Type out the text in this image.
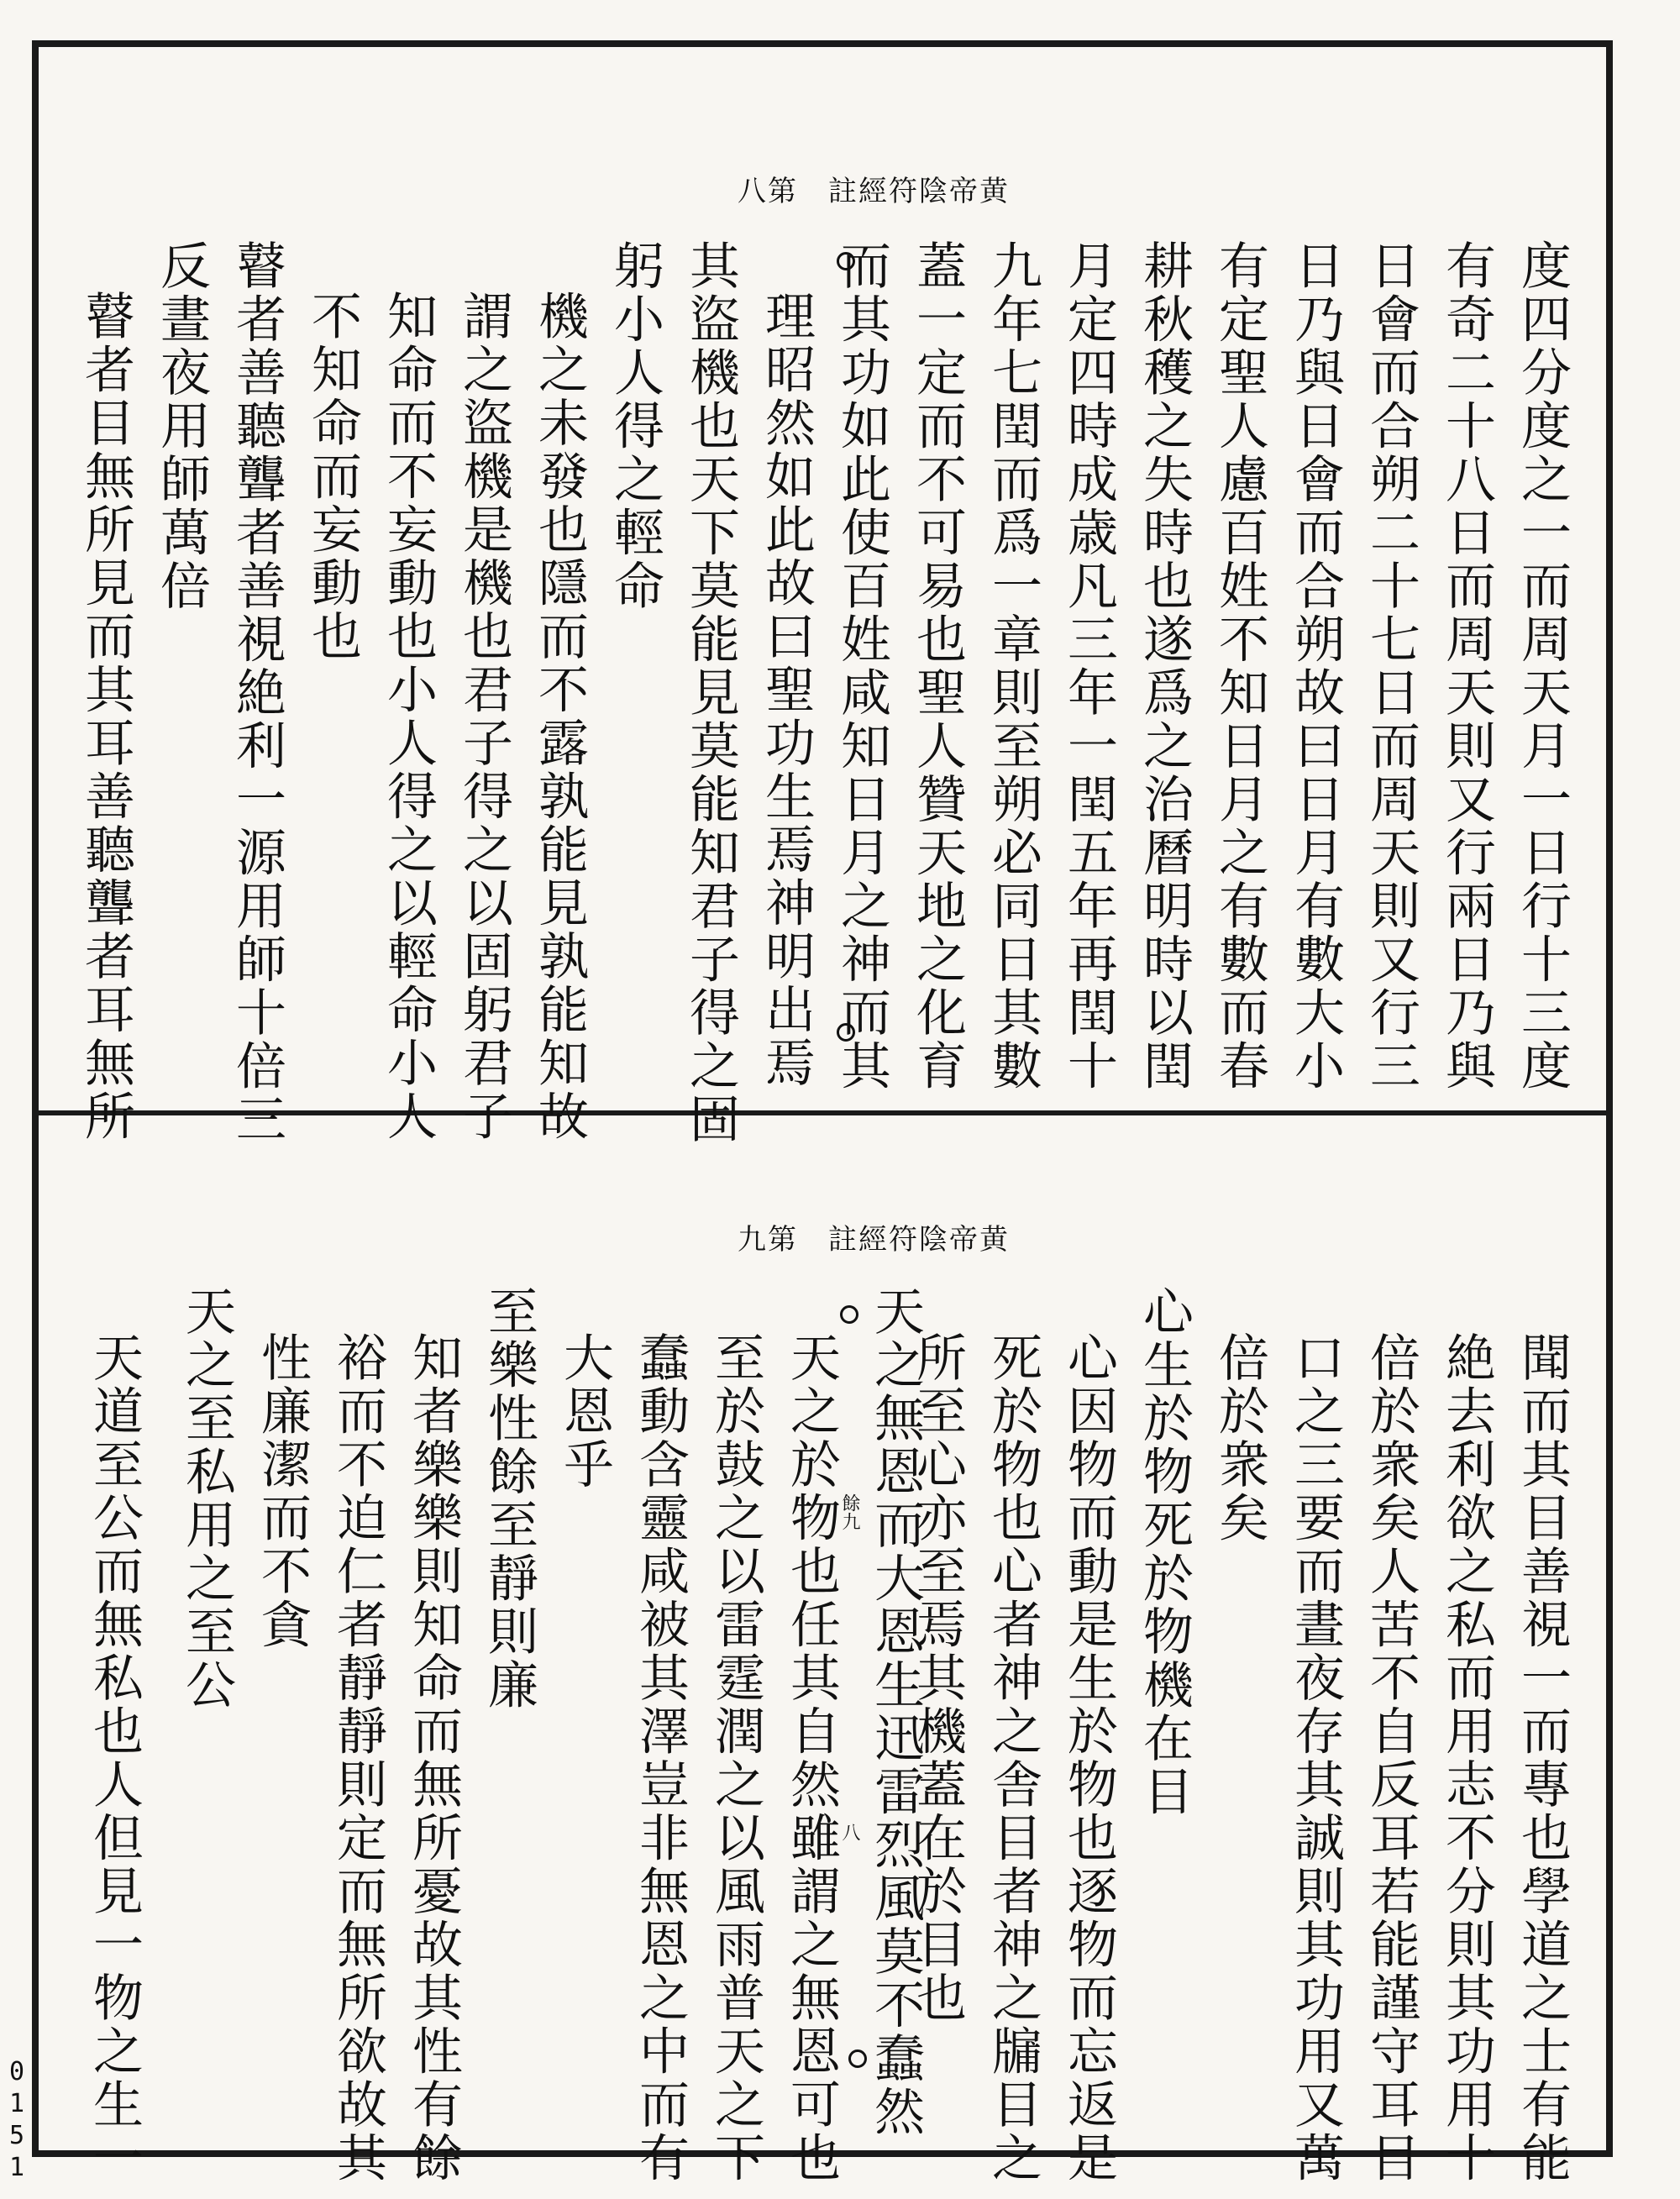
八第　註經符陰帝黄
度四分度之一而周天月一日行十三度
有奇二十八日而周天則又行兩日乃與
日會而合朔二十七日而周天則又行三
日乃與日會而合朔故曰日月有數大小
有定聖人慮百姓不知日月之有數而春
耕秋穫之失時也遂爲之治曆明時以閏
月定四時成歳凡三年一閏五年再閏十
九年七閏而爲一章則至朔必同日其數
蓋一定而不可易也聖人贊天地之化育
而其功如此使百姓咸知日月之神而其
理昭然如此故曰聖功生焉神明出焉
其盜機也天下莫能見莫能知君子得之固
躬小人得之輕命
機之未發也隱而不露孰能見孰能知故
謂之盜機是機也君子得之以固躬君子
知命而不妄動也小人得之以輕命小人
不知命而妄動也
瞽者善聽聾者善視絶利一源用師十倍三
反晝夜用師萬倍
瞽者目無所見而其耳善聽聾者耳無所
九第　註經符陰帝黄
聞而其目善視一而專也學道之士有能
絶去利欲之私而用志不分則其功用十
倍於衆矣人苦不自反耳若能謹守耳目
口之三要而晝夜存其誠則其功用又萬
倍於衆矣
心生於物死於物機在目
心因物而動是生於物也逐物而忘返是
死於物也心者神之舎目者神之牖目之
所至心亦至焉其機蓋在於目也
天之無恩而大恩生迅雷烈風莫不蠢然
天之於物也任其自然雖謂之無恩可也
至於鼔之以雷霆潤之以風雨普天之下
蠢動含靈咸被其澤豈非無恩之中而有
大恩乎
至樂性餘至靜則廉
知者樂樂則知命而無所憂故其性有餘
裕而不迫仁者靜靜則定而無所欲故其
性廉潔而不貪
天之至私用之至公
天道至公而無私也人但見一物之生一	餘九
八
0151
